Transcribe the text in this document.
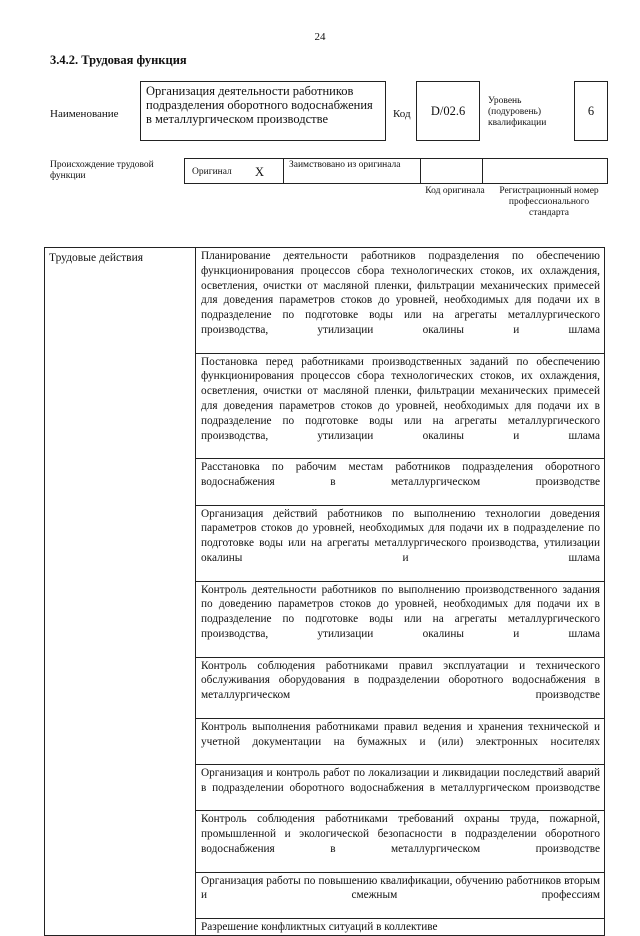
24
3.4.2. Трудовая функция
Наименование
Организация деятельности работников подразделения оборотного водоснабжения в металлургическом производстве	Код D/02.6
Уровень (подуровень) квалификации
6
Происхождение трудовой функции	Оригинал X	Заимствовано из оригинала
Код оригинала	Регистрационный номер профессионального стандарта
Трудовые действия	Планирование деятельности работников подразделения по обеспечению функционирования процессов сбора технологических стоков, их охлаждения, осветления, очистки от масляной пленки, фильтрации механических примесей для доведения параметров стоков до уровней, необходимых для подачи их в подразделение по подготовке воды или на агрегаты металлургического производства, утилизации окалины и шлама
Постановка перед работниками производственных заданий по обеспечению функционирования процессов сбора технологических стоков, их охлаждения, осветления, очистки от масляной пленки, фильтрации механических примесей для доведения параметров стоков до уровней, необходимых для подачи их в подразделение по подготовке воды или на агрегаты металлургического производства, утилизации окалины и шлама
Расстановка по рабочим местам работников подразделения оборотного водоснабжения в металлургическом производстве
Организация действий работников по выполнению технологии доведения параметров стоков до уровней, необходимых для подачи их в подразделение по подготовке воды или на агрегаты металлургического производства, утилизации окалины и шлама
Контроль деятельности работников по выполнению производственного задания по доведению параметров стоков до уровней, необходимых для подачи их в подразделение по подготовке воды или на агрегаты металлургического производства, утилизации окалины и шлама
Контроль соблюдения работниками правил эксплуатации и технического обслуживания оборудования в подразделении оборотного водоснабжения в металлургическом производстве
Контроль выполнения работниками правил ведения и хранения технической и учетной документации на бумажных и (или) электронных носителях
Организация и контроль работ по локализации и ликвидации последствий аварий в подразделении оборотного водоснабжения в металлургическом производстве
Контроль соблюдения работниками требований охраны труда, пожарной, промышленной и экологической безопасности в подразделении оборотного водоснабжения в металлургическом производстве
Организация работы по повышению квалификации, обучению работников вторым и смежным профессиям
Разрешение конфликтных ситуаций в коллективе
